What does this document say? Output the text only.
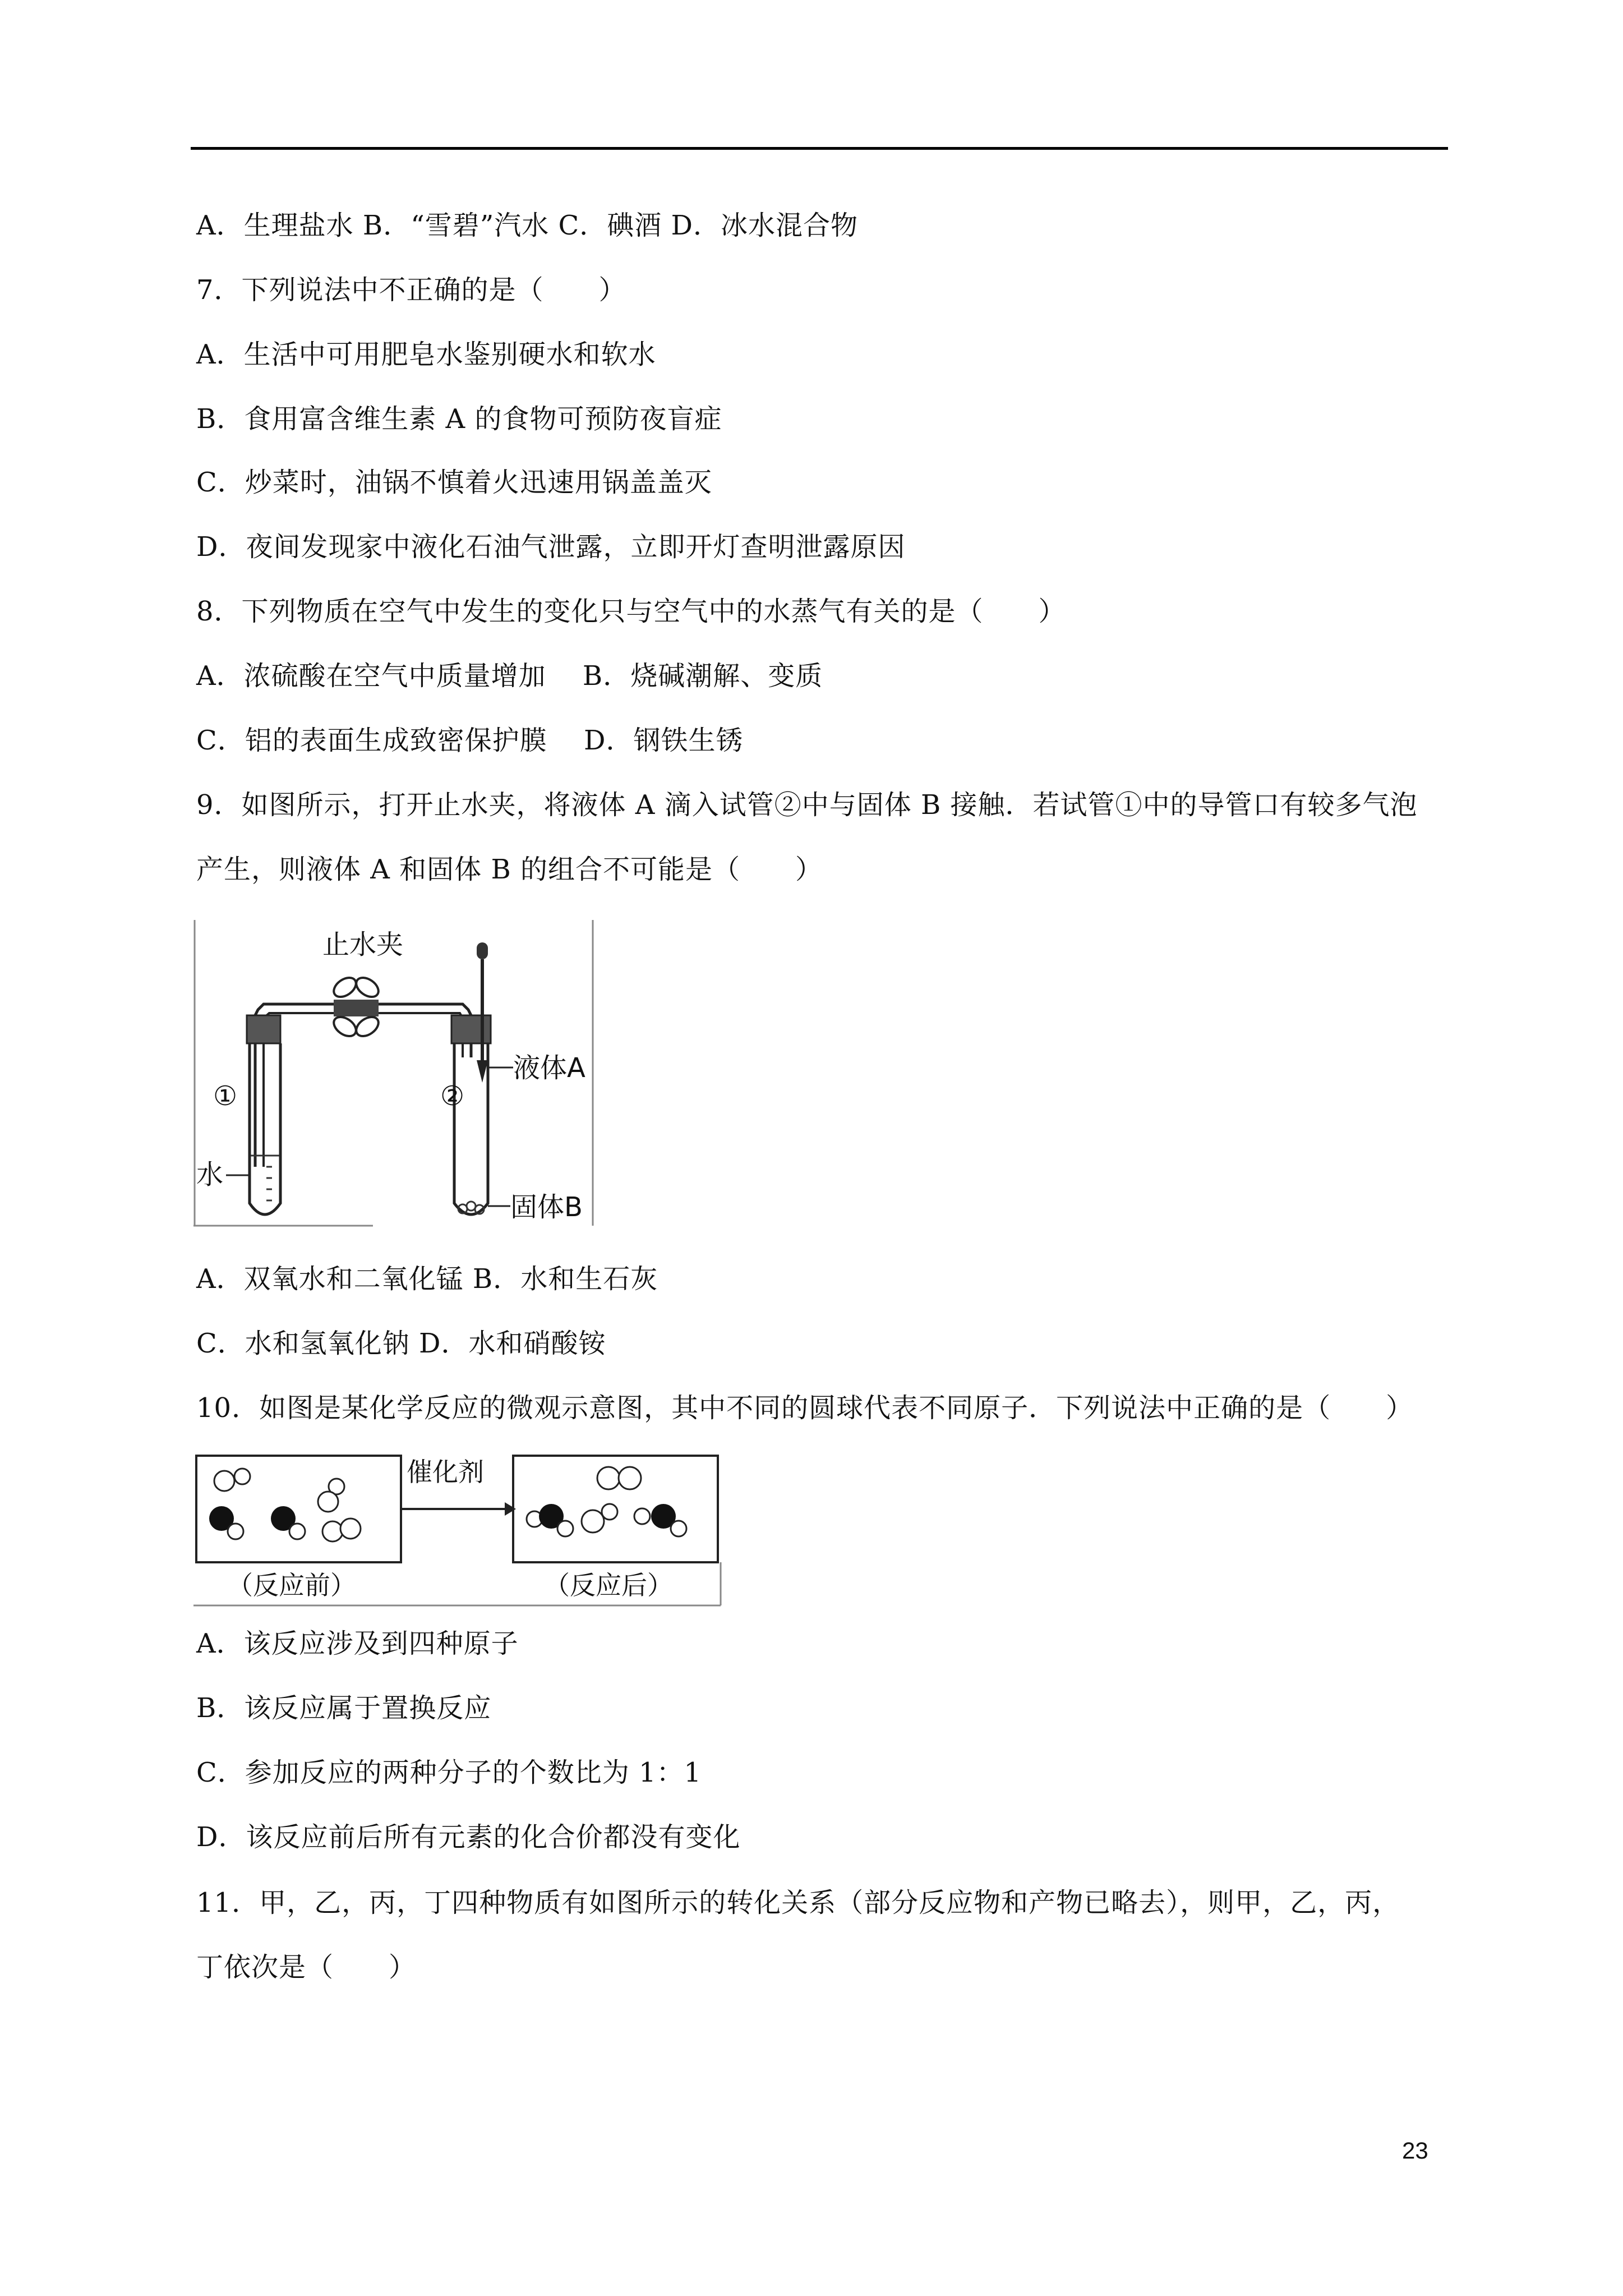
A．生理盐水 B．“雪碧”汽水 C．碘酒 D．冰水混合物
7．下列说法中不正确的是（　　）
A．生活中可用肥皂水鉴别硬水和软水
B．食用富含维生素 A 的食物可预防夜盲症
C．炒菜时，油锅不慎着火迅速用锅盖盖灭
D．夜间发现家中液化石油气泄露，立即开灯查明泄露原因
8．下列物质在空气中发生的变化只与空气中的水蒸气有关的是（　　）
A．浓硫酸在空气中质量增加　 B．烧碱潮解、变质
C．铝的表面生成致密保护膜　 D．钢铁生锈
9．如图所示，打开止水夹，将液体 A 滴入试管②中与固体 B 接触．若试管①中的导管口有较多气泡
产生，则液体 A 和固体 B 的组合不可能是（　　）
止水夹
①
水
②
液体A
固体B
A．双氧水和二氧化锰 B．水和生石灰
C．水和氢氧化钠 D．水和硝酸铵
10．如图是某化学反应的微观示意图，其中不同的圆球代表不同原子．下列说法中正确的是（　　）
催化剂
（反应前）	（反应后）
A．该反应涉及到四种原子
B．该反应属于置换反应
C．参加反应的两种分子的个数比为 1：1
D．该反应前后所有元素的化合价都没有变化
11．甲，乙，丙，丁四种物质有如图所示的转化关系（部分反应物和产物已略去），则甲，乙，丙，
丁依次是（　　）
23
